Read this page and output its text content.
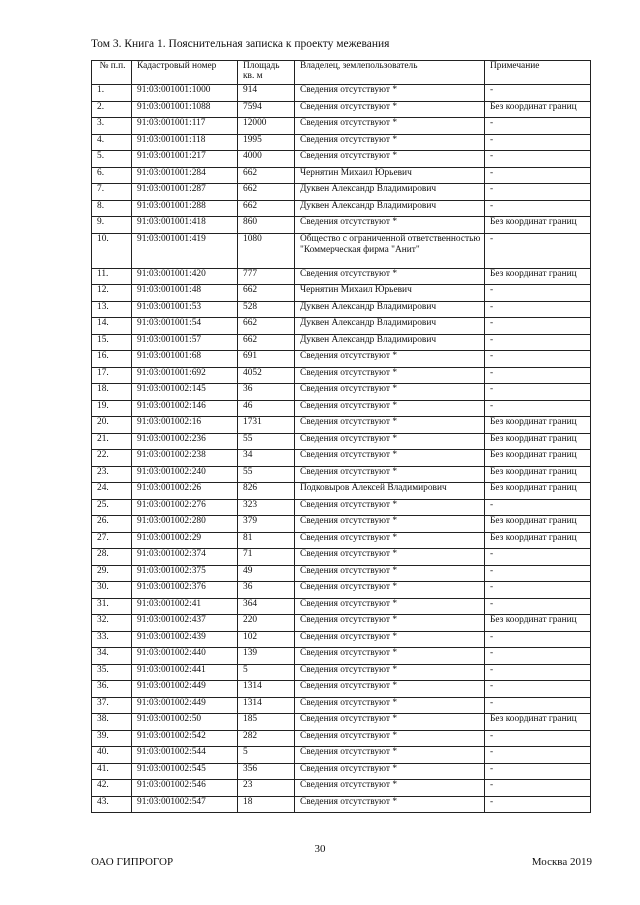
Том 3. Книга 1. Пояснительная записка к проекту межевания
№ п.п.	Кадастровый номер	Площадь кв. м	Владелец, землепользователь	Примечание
1.	91:03:001001:1000	914	Сведения отсутствуют *	-
2.	91:03:001001:1088	7594	Сведения отсутствуют *	Без координат границ
3.	91:03:001001:117	12000	Сведения отсутствуют *	-
4.	91:03:001001:118	1995	Сведения отсутствуют *	-
5.	91:03:001001:217	4000	Сведения отсутствуют *	-
6.	91:03:001001:284	662	Чернятин Михаил Юрьевич	-
7.	91:03:001001:287	662	Дуквен Александр Владимирович	-
8.	91:03:001001:288	662	Дуквен Александр Владимирович	-
9.	91:03:001001:418	860	Сведения отсутствуют *	Без координат границ
10.	91:03:001001:419	1080	Общество с ограниченной ответственностью "Коммерческая фирма "Анит"	-
11.	91:03:001001:420	777	Сведения отсутствуют *	Без координат границ
12.	91:03:001001:48	662	Чернятин Михаил Юрьевич	-
13.	91:03:001001:53	528	Дуквен Александр Владимирович	-
14.	91:03:001001:54	662	Дуквен Александр Владимирович	-
15.	91:03:001001:57	662	Дуквен Александр Владимирович	-
16.	91:03:001001:68	691	Сведения отсутствуют *	-
17.	91:03:001001:692	4052	Сведения отсутствуют *	-
18.	91:03:001002:145	36	Сведения отсутствуют *	-
19.	91:03:001002:146	46	Сведения отсутствуют *	-
20.	91:03:001002:16	1731	Сведения отсутствуют *	Без координат границ
21.	91:03:001002:236	55	Сведения отсутствуют *	Без координат границ
22.	91:03:001002:238	34	Сведения отсутствуют *	Без координат границ
23.	91:03:001002:240	55	Сведения отсутствуют *	Без координат границ
24.	91:03:001002:26	826	Подковыров Алексей Владимирович	Без координат границ
25.	91:03:001002:276	323	Сведения отсутствуют *	-
26.	91:03:001002:280	379	Сведения отсутствуют *	Без координат границ
27.	91:03:001002:29	81	Сведения отсутствуют *	Без координат границ
28.	91:03:001002:374	71	Сведения отсутствуют *	-
29.	91:03:001002:375	49	Сведения отсутствуют *	-
30.	91:03:001002:376	36	Сведения отсутствуют *	-
31.	91:03:001002:41	364	Сведения отсутствуют *	-
32.	91:03:001002:437	220	Сведения отсутствуют *	Без координат границ
33.	91:03:001002:439	102	Сведения отсутствуют *	-
34.	91:03:001002:440	139	Сведения отсутствуют *	-
35.	91:03:001002:441	5	Сведения отсутствуют *	-
36.	91:03:001002:449	1314	Сведения отсутствуют *	-
37.	91:03:001002:449	1314	Сведения отсутствуют *	-
38.	91:03:001002:50	185	Сведения отсутствуют *	Без координат границ
39.	91:03:001002:542	282	Сведения отсутствуют *	-
40.	91:03:001002:544	5	Сведения отсутствуют *	-
41.	91:03:001002:545	356	Сведения отсутствуют *	-
42.	91:03:001002:546	23	Сведения отсутствуют *	-
43.	91:03:001002:547	18	Сведения отсутствуют *	-
30
ОАО ГИПРОГОР	Москва 2019
